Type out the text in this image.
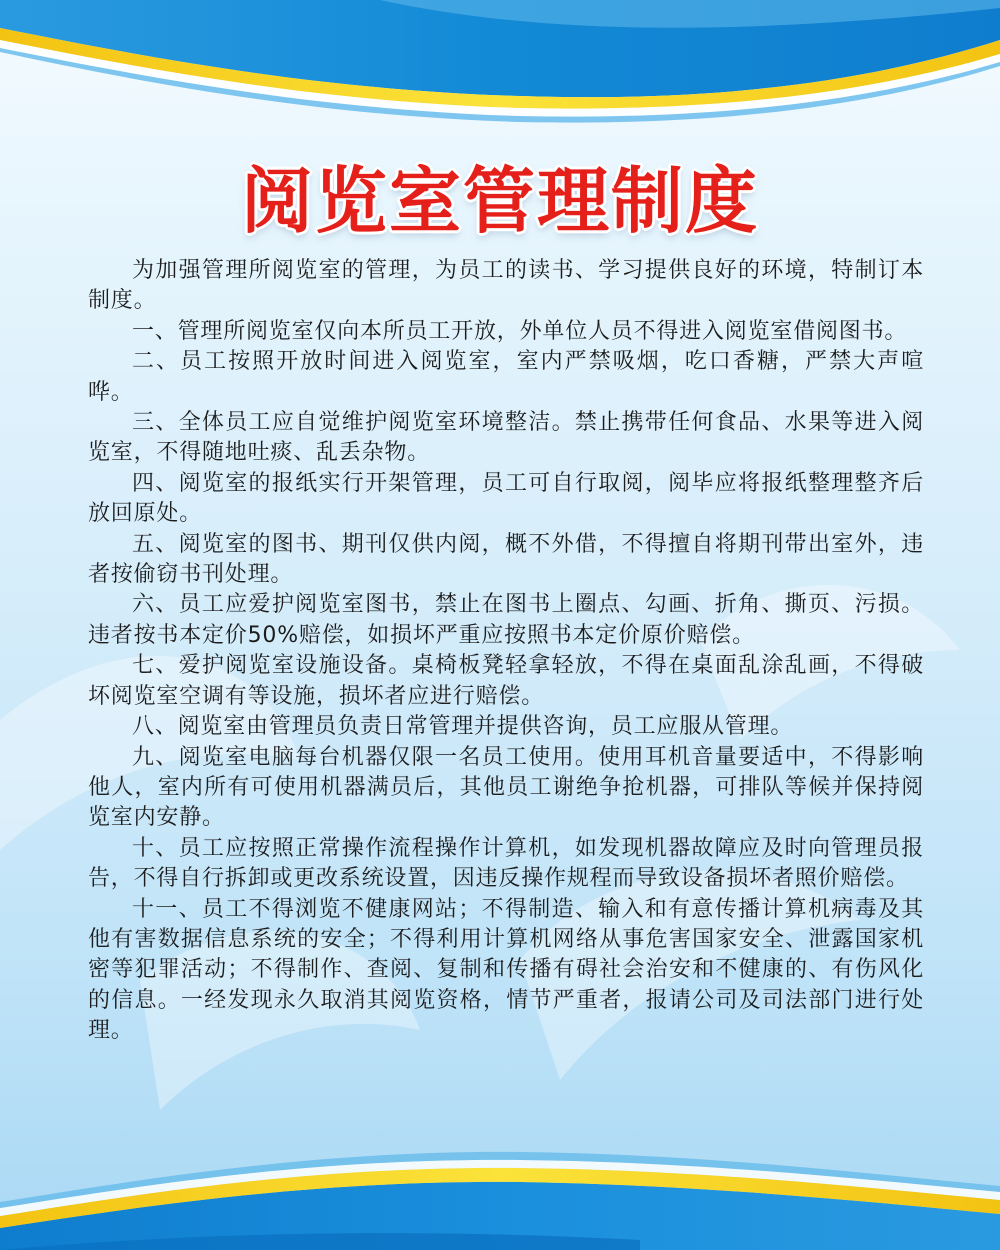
阅览室管理制度

为加强管理所阅览室的管理，为员工的读书、学习提供良好的环境，特制订本制度。

一、管理所阅览室仅向本所员工开放，外单位人员不得进入阅览室借阅图书。

二、员工按照开放时间进入阅览室，室内严禁吸烟，吃口香糖，严禁大声喧哗。

三、全体员工应自觉维护阅览室环境整洁。禁止携带任何食品、水果等进入阅览室，不得随地吐痰、乱丢杂物。

四、阅览室的报纸实行开架管理，员工可自行取阅，阅毕应将报纸整理整齐后放回原处。

五、阅览室的图书、期刊仅供内阅，概不外借，不得擅自将期刊带出室外，违者按偷窃书刊处理。

六、员工应爱护阅览室图书，禁止在图书上圈点、勾画、折角、撕页、污损。违者按书本定价50%赔偿，如损坏严重应按照书本定价原价赔偿。

七、爱护阅览室设施设备。桌椅板凳轻拿轻放，不得在桌面乱涂乱画，不得破坏阅览室空调有等设施，损坏者应进行赔偿。

八、阅览室由管理员负责日常管理并提供咨询，员工应服从管理。

九、阅览室电脑每台机器仅限一名员工使用。使用耳机音量要适中，不得影响他人，室内所有可使用机器满员后，其他员工谢绝争抢机器，可排队等候并保持阅览室内安静。

十、员工应按照正常操作流程操作计算机，如发现机器故障应及时向管理员报告，不得自行拆卸或更改系统设置，因违反操作规程而导致设备损坏者照价赔偿。

十一、员工不得浏览不健康网站；不得制造、输入和有意传播计算机病毒及其他有害数据信息系统的安全；不得利用计算机网络从事危害国家安全、泄露国家机密等犯罪活动；不得制作、查阅、复制和传播有碍社会治安和不健康的、有伤风化的信息。一经发现永久取消其阅览资格，情节严重者，报请公司及司法部门进行处理。
